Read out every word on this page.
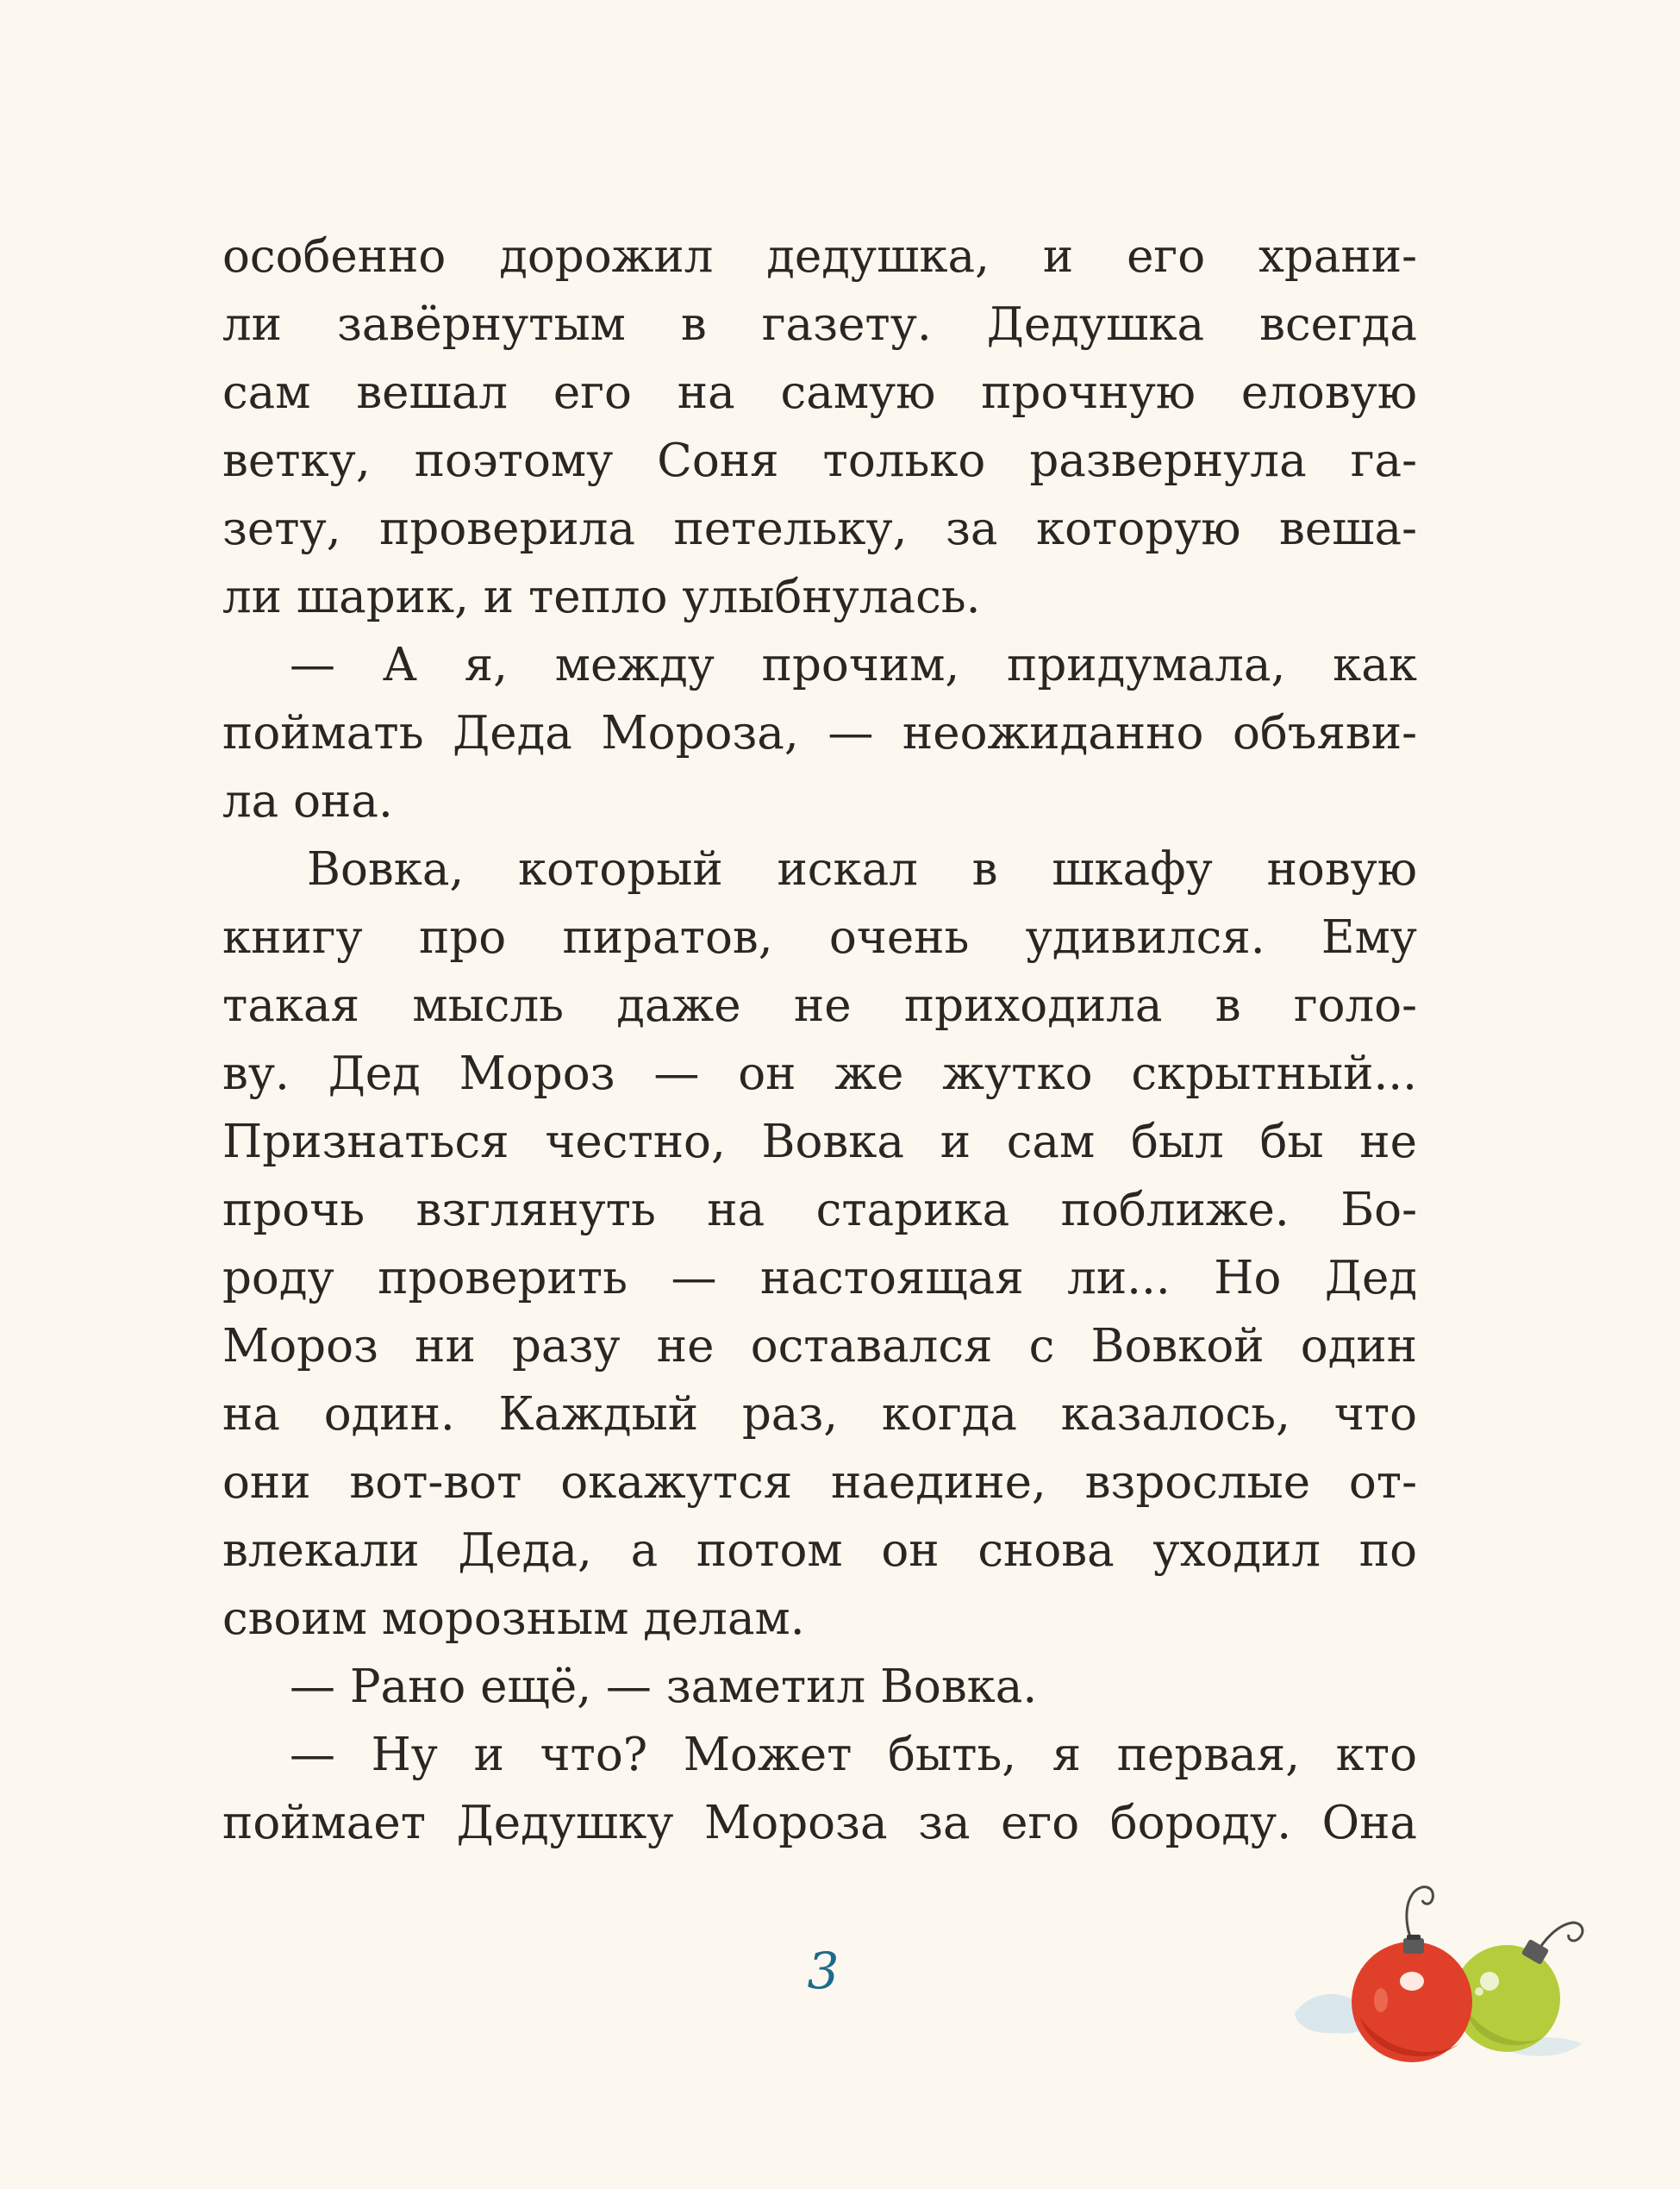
особенно дорожил дедушка, и его храни-
ли завёрнутым в газету. Дедушка всегда
сам вешал его на самую прочную еловую
ветку, поэтому Соня только развернула га-
зету, проверила петельку, за которую веша-
ли шарик, и тепло улыбнулась.
— А я, между прочим, придумала, как
поймать Деда Мороза, — неожиданно объяви-
ла она.
Вовка, который искал в шкафу новую
книгу про пиратов, очень удивился. Ему
такая мысль даже не приходила в голо-
ву. Дед Мороз — он же жутко скрытный...
Признаться честно, Вовка и сам был бы не
прочь взглянуть на старика поближе. Бо-
роду проверить — настоящая ли... Но Дед
Мороз ни разу не оставался с Вовкой один
на один. Каждый раз, когда казалось, что
они вот-вот окажутся наедине, взрослые от-
влекали Деда, а потом он снова уходил по
своим морозным делам.
— Рано ещё, — заметил Вовка.
— Ну и что? Может быть, я первая, кто
поймает Дедушку Мороза за его бороду. Она
3
